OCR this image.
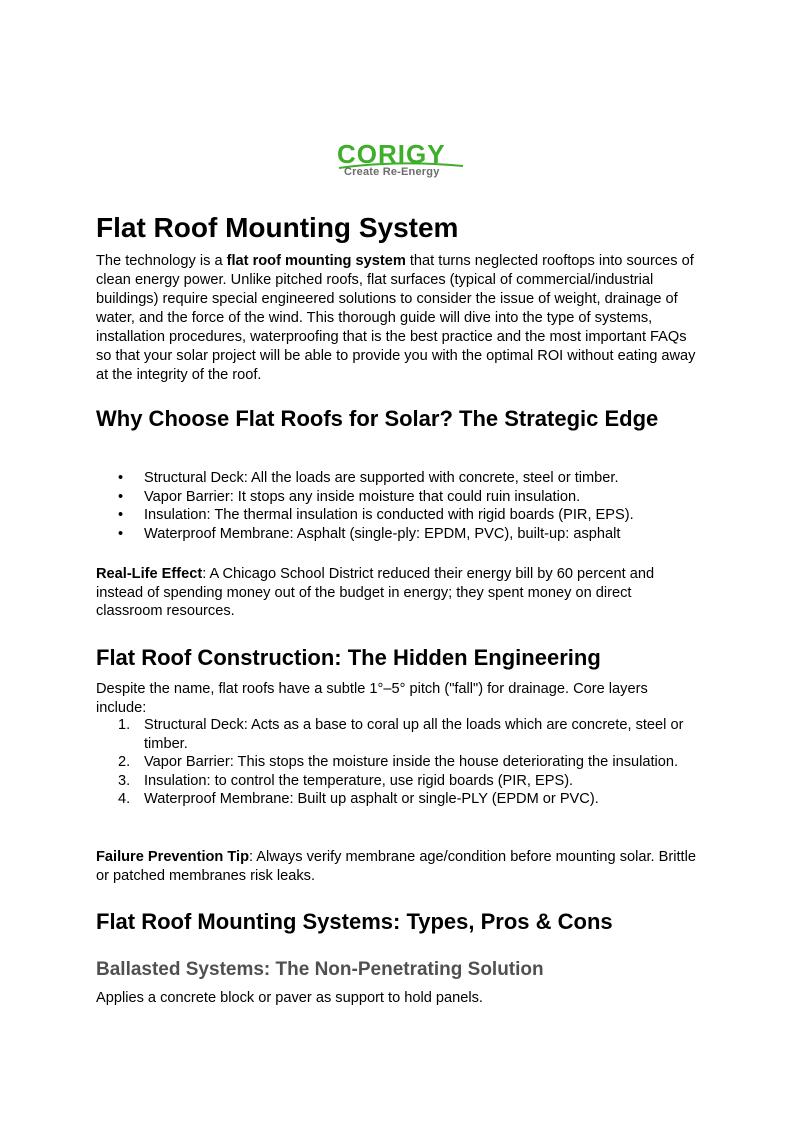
CORIGY
Create Re-Energy
Flat Roof Mounting System

The technology is a flat roof mounting system that turns neglected rooftops into sources of clean energy power. Unlike pitched roofs, flat surfaces (typical of commercial/industrial buildings) require special engineered solutions to consider the issue of weight, drainage of water, and the force of the wind. This thorough guide will dive into the type of systems, installation procedures, waterproofing that is the best practice and the most important FAQs so that your solar project will be able to provide you with the optimal ROI without eating away at the integrity of the roof.

Why Choose Flat Roofs for Solar? The Strategic Edge
• Structural Deck: All the loads are supported with concrete, steel or timber.
• Vapor Barrier: It stops any inside moisture that could ruin insulation.
• Insulation: The thermal insulation is conducted with rigid boards (PIR, EPS).
• Waterproof Membrane: Asphalt (single-ply: EPDM, PVC), built-up: asphalt

Real-Life Effect: A Chicago School District reduced their energy bill by 60 percent and instead of spending money out of the budget in energy; they spent money on direct classroom resources.

Flat Roof Construction: The Hidden Engineering

Despite the name, flat roofs have a subtle 1°–5° pitch ("fall") for drainage. Core layers include:

1. Structural Deck: Acts as a base to coral up all the loads which are concrete, steel or timber.
2. Vapor Barrier: This stops the moisture inside the house deteriorating the insulation.
3. Insulation: to control the temperature, use rigid boards (PIR, EPS).
4. Waterproof Membrane: Built up asphalt or single-PLY (EPDM or PVC).

Failure Prevention Tip: Always verify membrane age/condition before mounting solar. Brittle or patched membranes risk leaks.

Flat Roof Mounting Systems: Types, Pros & Cons
Ballasted Systems: The Non-Penetrating Solution

Applies a concrete block or paver as support to hold panels.
